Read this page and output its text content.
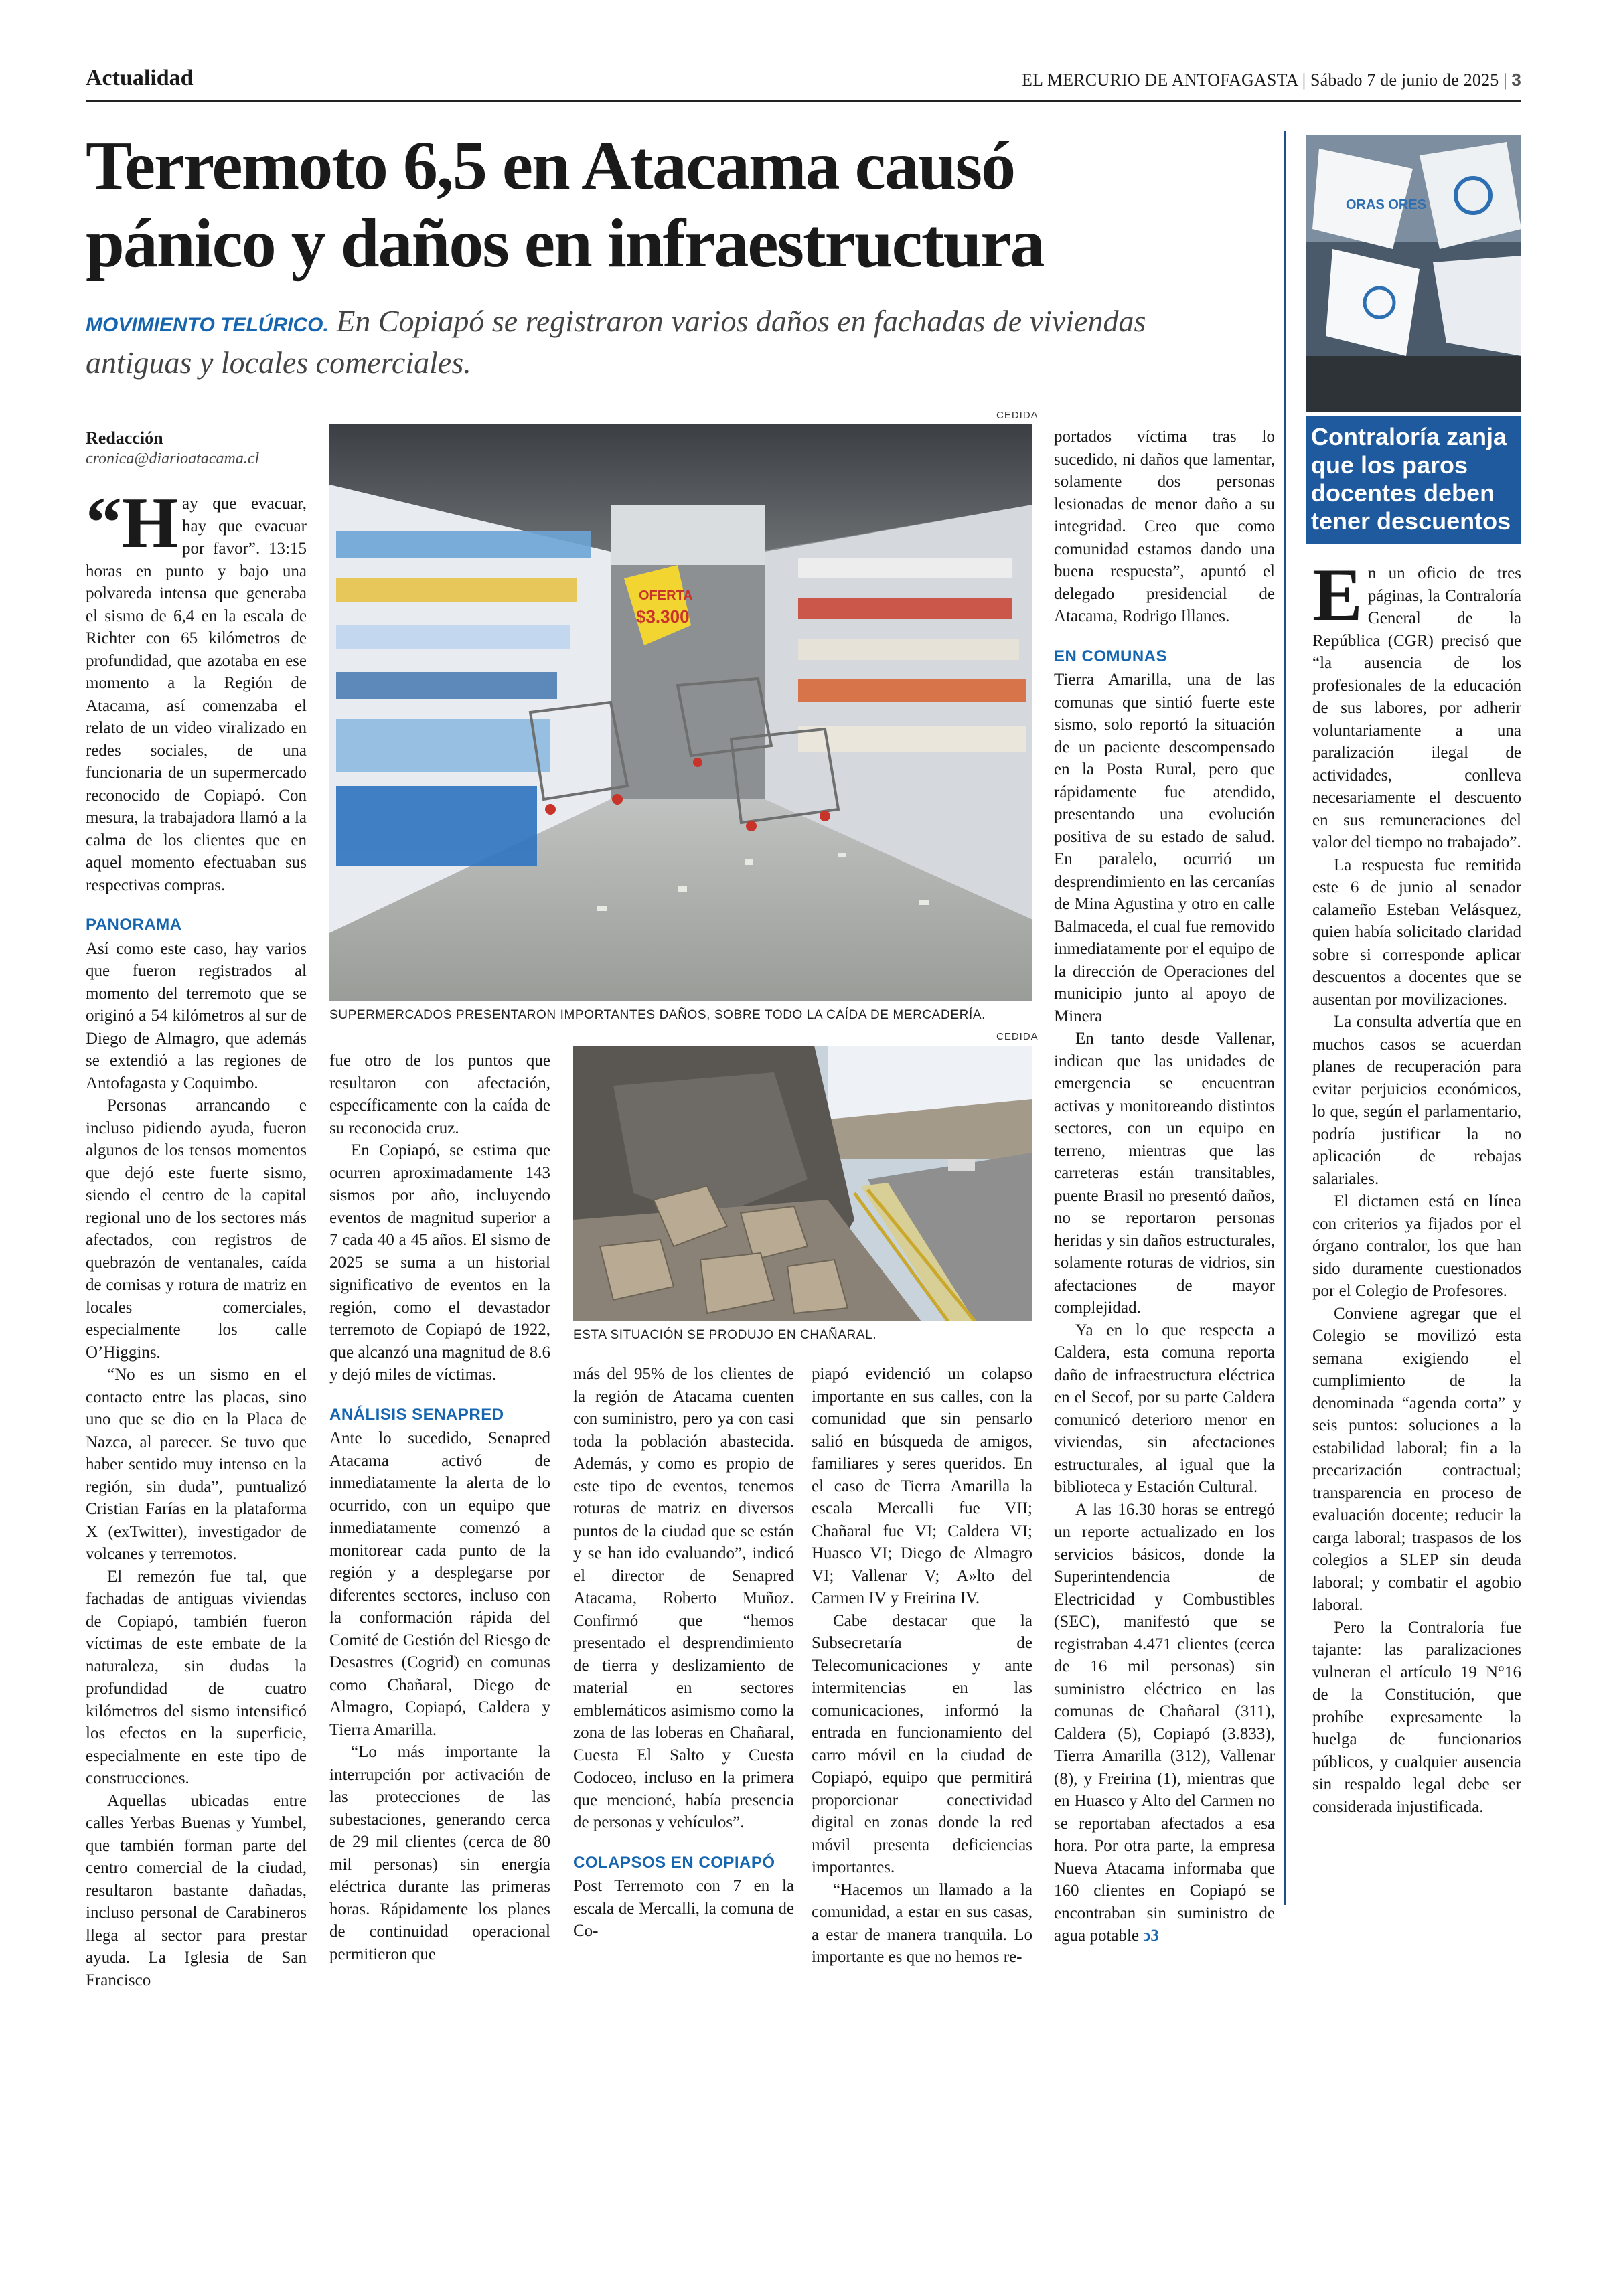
Actualidad	EL MERCURIO DE ANTOFAGASTA | Sábado 7 de junio de 2025 | 3
Terremoto 6,5 en Atacama causó
pánico y daños en infraestructura
MOVIMIENTO TELÚRICO. En Copiapó se registraron varios daños en fachadas de viviendas antiguas y locales comerciales.
Redacción
cronica@diarioatacama.cl

“Hay que evacuar, hay que evacuar por favor”. 13:15 horas en punto y bajo una polvareda intensa que generaba el sismo de 6,4 en la escala de Richter con 65 kilómetros de profundidad, que azotaba en ese momento a la Región de Atacama, así comenzaba el relato de un video viralizado en redes sociales, de una funcionaria de un supermercado reconocido de Copiapó. Con mesura, la trabajadora llamó a la calma de los clientes que en aquel momento efectuaban sus respectivas compras.

PANORAMA

Así como este caso, hay varios que fueron registrados al momento del terremoto que se originó a 54 kilómetros al sur de Diego de Almagro, que además se extendió a las regiones de Antofagasta y Coquimbo.

Personas arrancando e incluso pidiendo ayuda, fueron algunos de los tensos momentos que dejó este fuerte sismo, siendo el centro de la capital regional uno de los sectores más afectados, con registros de quebrazón de ventanales, caída de cornisas y rotura de matriz en locales comerciales, especialmente los calle O’Higgins.

“No es un sismo en el contacto entre las placas, sino uno que se dio en la Placa de Nazca, al parecer. Se tuvo que haber sentido muy intenso en la región, sin duda”, puntualizó Cristian Farías en la plataforma X (exTwitter), investigador de volcanes y terremotos.

El remezón fue tal, que fachadas de antiguas viviendas de Copiapó, también fueron víctimas de este embate de la naturaleza, sin dudas la profundidad de cuatro kilómetros del sismo intensificó los efectos en la superficie, especialmente en este tipo de construcciones.

Aquellas ubicadas entre calles Yerbas Buenas y Yumbel, que también forman parte del centro comercial de la ciudad, resultaron bastante dañadas, incluso personal de Carabineros llega al sector para prestar ayuda. La Iglesia de San Francisco

CEDIDA
OFERTA
$3.300
SUPERMERCADOS PRESENTARON IMPORTANTES DAÑOS, SOBRE TODO LA CAÍDA DE MERCADERÍA.
CEDIDA
ESTA SITUACIÓN SE PRODUJO EN CHAÑARAL.

fue otro de los puntos que resultaron con afectación, específicamente con la caída de su reconocida cruz.

En Copiapó, se estima que ocurren aproximadamente 143 sismos por año, incluyendo eventos de magnitud superior a 7 cada 40 a 45 años. El sismo de 2025 se suma a un historial significativo de eventos en la región, como el devastador terremoto de Copiapó de 1922, que alcanzó una magnitud de 8.6 y dejó miles de víctimas.

ANÁLISIS SENAPRED

Ante lo sucedido, Senapred Atacama activó de inmediatamente la alerta de lo ocurrido, con un equipo que inmediatamente comenzó a monitorear cada punto de la región y a desplegarse por diferentes sectores, incluso con la conformación rápida del Comité de Gestión del Riesgo de Desastres (Cogrid) en comunas como Chañaral, Diego de Almagro, Copiapó, Caldera y Tierra Amarilla.

“Lo más importante la interrupción por activación de las protecciones de las subestaciones, generando cerca de 29 mil clientes (cerca de 80 mil personas) sin energía eléctrica durante las primeras horas. Rápidamente los planes de continuidad operacional permitieron que

más del 95% de los clientes de la región de Atacama cuenten con suministro, pero ya con casi toda la población abastecida. Además, y como es propio de este tipo de eventos, tenemos roturas de matriz en diversos puntos de la ciudad que se están y se han ido evaluando”, indicó el director de Senapred Atacama, Roberto Muñoz. Confirmó que “hemos presentado el desprendimiento de tierra y deslizamiento de material en sectores emblemáticos asimismo como la zona de las loberas en Chañaral, Cuesta El Salto y Cuesta Codoceo, incluso en la primera que mencioné, había presencia de personas y vehículos”.

COLAPSOS EN COPIAPÓ

Post Terremoto con 7 en la escala de Mercalli, la comuna de Co-

piapó evidenció un colapso importante en sus calles, con la comunidad que sin pensarlo salió en búsqueda de amigos, familiares y seres queridos. En el caso de Tierra Amarilla la escala Mercalli fue VII; Chañaral fue VI; Caldera VI; Huasco VI; Diego de Almagro VI; Vallenar V; A»lto del Carmen IV y Freirina IV.

Cabe destacar que la Subsecretaría de Telecomunicaciones y ante intermitencias en las comunicaciones, informó la entrada en funcionamiento del carro móvil en la ciudad de Copiapó, equipo que permitirá proporcionar conectividad digital en zonas donde la red móvil presenta deficiencias importantes.

“Hacemos un llamado a la comunidad, a estar en sus casas, a estar de manera tranquila. Lo importante es que no hemos re-

portados víctima tras lo sucedido, ni daños que lamentar, solamente dos personas lesionadas de menor daño a su integridad. Creo que como comunidad estamos dando una buena respuesta”, apuntó el delegado presidencial de Atacama, Rodrigo Illanes.

EN COMUNAS

Tierra Amarilla, una de las comunas que sintió fuerte este sismo, solo reportó la situación de un paciente descompensado en la Posta Rural, pero que rápidamente fue atendido, presentando una evolución positiva de su estado de salud. En paralelo, ocurrió un desprendimiento en las cercanías de Mina Agustina y otro en calle Balmaceda, el cual fue removido inmediatamente por el equipo de la dirección de Operaciones del municipio junto al apoyo de Minera

En tanto desde Vallenar, indican que las unidades de emergencia se encuentran activas y monitoreando distintos sectores, con un equipo en terreno, mientras que las carreteras están transitables, puente Brasil no presentó daños, no se reportaron personas heridas y sin daños estructurales, solamente roturas de vidrios, sin afectaciones de mayor complejidad.

Ya en lo que respecta a Caldera, esta comuna reporta daño de infraestructura eléctrica en el Secof, por su parte Caldera comunicó deterioro menor en viviendas, sin afectaciones estructurales, al igual que la biblioteca y Estación Cultural.

A las 16.30 horas se entregó un reporte actualizado en los servicios básicos, donde la Superintendencia de Electricidad y Combustibles (SEC), manifestó que se registraban 4.471 clientes (cerca de 16 mil personas) sin suministro eléctrico en las comunas de Chañaral (311), Caldera (5), Copiapó (3.833), Tierra Amarilla (312), Vallenar (8), y Freirina (1), mientras que en Huasco y Alto del Carmen no se reportaban afectados a esa hora. Por otra parte, la empresa Nueva Atacama informaba que 160 clientes en Copiapó se encontraban sin suministro de agua potable ↄ3

ORAS ORES
Contraloría zanja que los paros docentes deben tener descuentos

En un oficio de tres páginas, la Contraloría General de la República (CGR) precisó que “la ausencia de los profesionales de la educación de sus labores, por adherir voluntariamente a una paralización ilegal de actividades, conlleva necesariamente el descuento en sus remuneraciones del valor del tiempo no trabajado”.

La respuesta fue remitida este 6 de junio al senador calameño Esteban Velásquez, quien había solicitado claridad sobre si corresponde aplicar descuentos a docentes que se ausentan por movilizaciones.

La consulta advertía que en muchos casos se acuerdan planes de recuperación para evitar perjuicios económicos, lo que, según el parlamentario, podría justificar la no aplicación de rebajas salariales.

El dictamen está en línea con criterios ya fijados por el órgano contralor, los que han sido duramente cuestionados por el Colegio de Profesores.

Conviene agregar que el Colegio se movilizó esta semana exigiendo el cumplimiento de la denominada “agenda corta” y seis puntos: soluciones a la estabilidad laboral; fin a la precarización contractual; transparencia en proceso de evaluación docente; reducir la carga laboral; traspasos de los colegios a SLEP sin deuda laboral; y combatir el agobio laboral.

Pero la Contraloría fue tajante: las paralizaciones vulneran el artículo 19 N°16 de la Constitución, que prohíbe expresamente la huelga de funcionarios públicos, y cualquier ausencia sin respaldo legal debe ser considerada injustificada.
